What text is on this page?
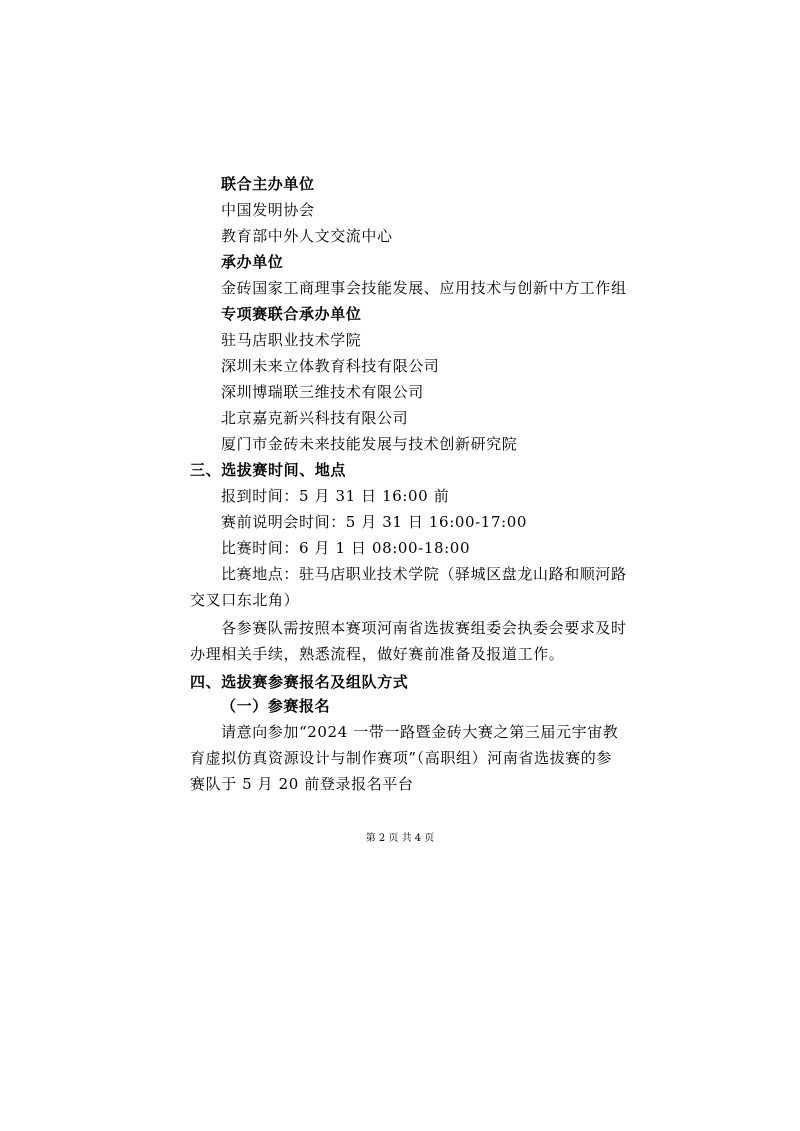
联合主办单位
中国发明协会
教育部中外人文交流中心
承办单位
金砖国家工商理事会技能发展、应用技术与创新中方工作组
专项赛联合承办单位
驻马店职业技术学院
深圳未来立体教育科技有限公司
深圳博瑞联三维技术有限公司
北京嘉克新兴科技有限公司
厦门市金砖未来技能发展与技术创新研究院
三、选拔赛时间、地点
报到时间：5 月 31 日 16:00 前
赛前说明会时间：5 月 31 日 16:00-17:00
比赛时间：6 月 1 日 08:00-18:00
比赛地点：驻马店职业技术学院（驿城区盘龙山路和顺河路
交叉口东北角）
各参赛队需按照本赛项河南省选拔赛组委会执委会要求及时
办理相关手续，熟悉流程，做好赛前准备及报道工作。
四、选拔赛参赛报名及组队方式
（一）参赛报名
请意向参加“2024 一带一路暨金砖大赛之第三届元宇宙教
育虚拟仿真资源设计与制作赛项”（高职组）河南省选拔赛的参
赛队于 5 月 20 前登录报名平台
第 2 页 共 4 页
